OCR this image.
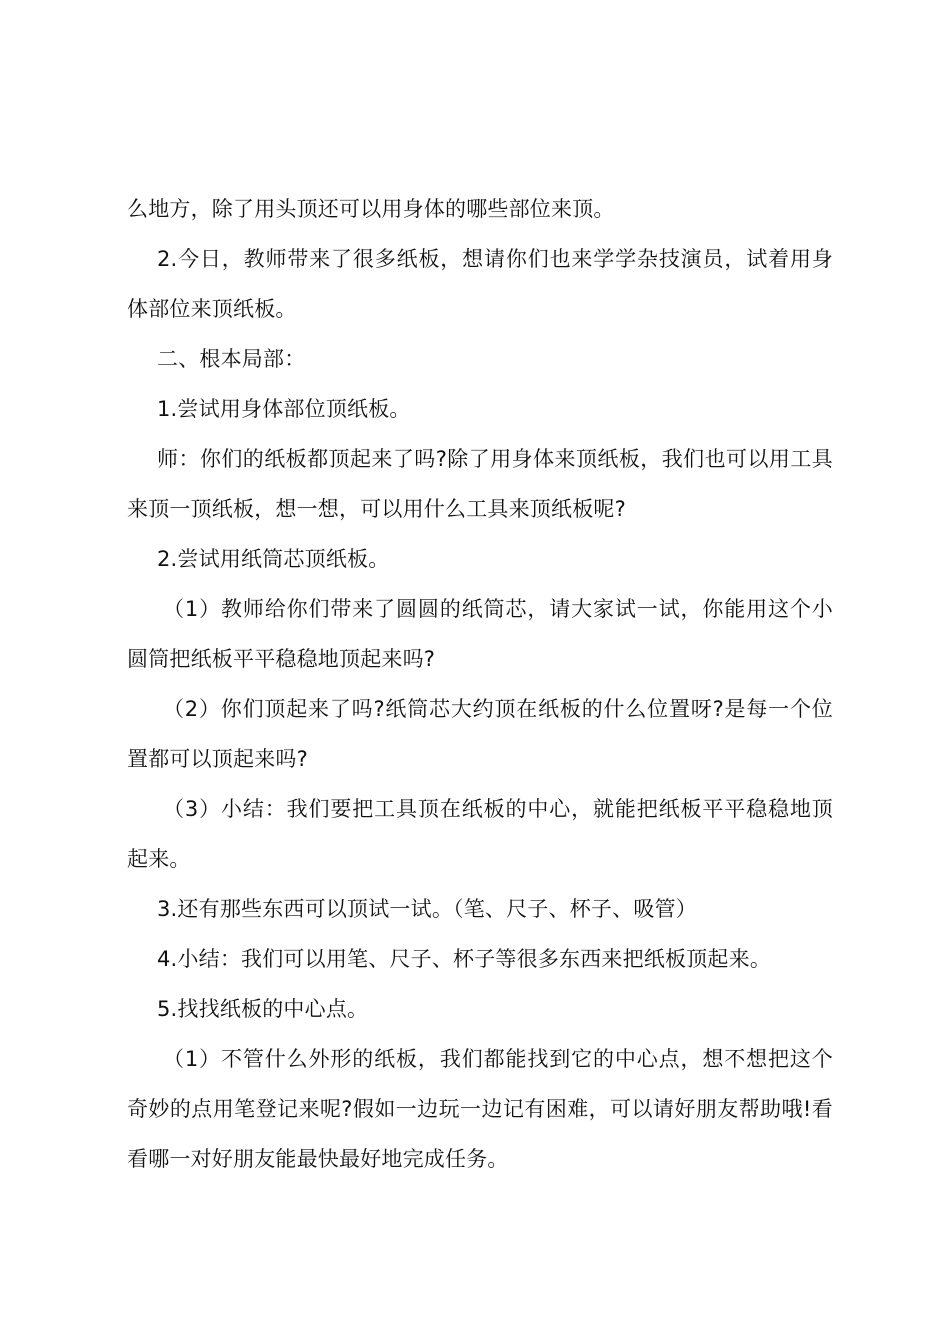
么地方，除了用头顶还可以用身体的哪些部位来顶。

2.今日，教师带来了很多纸板，想请你们也来学学杂技演员，试着用身体部位来顶纸板。

二、根本局部：

1.尝试用身体部位顶纸板。

师：你们的纸板都顶起来了吗?除了用身体来顶纸板，我们也可以用工具来顶一顶纸板，想一想，可以用什么工具来顶纸板呢?

2.尝试用纸筒芯顶纸板。

（1）教师给你们带来了圆圆的纸筒芯，请大家试一试，你能用这个小圆筒把纸板平平稳稳地顶起来吗?

（2）你们顶起来了吗?纸筒芯大约顶在纸板的什么位置呀?是每一个位置都可以顶起来吗?

（3）小结：我们要把工具顶在纸板的中心，就能把纸板平平稳稳地顶起来。

3.还有那些东西可以顶试一试。（笔、尺子、杯子、吸管）

4.小结：我们可以用笔、尺子、杯子等很多东西来把纸板顶起来。

5.找找纸板的中心点。

（1）不管什么外形的纸板，我们都能找到它的中心点，想不想把这个奇妙的点用笔登记来呢?假如一边玩一边记有困难，可以请好朋友帮助哦!看看哪一对好朋友能最快最好地完成任务。
